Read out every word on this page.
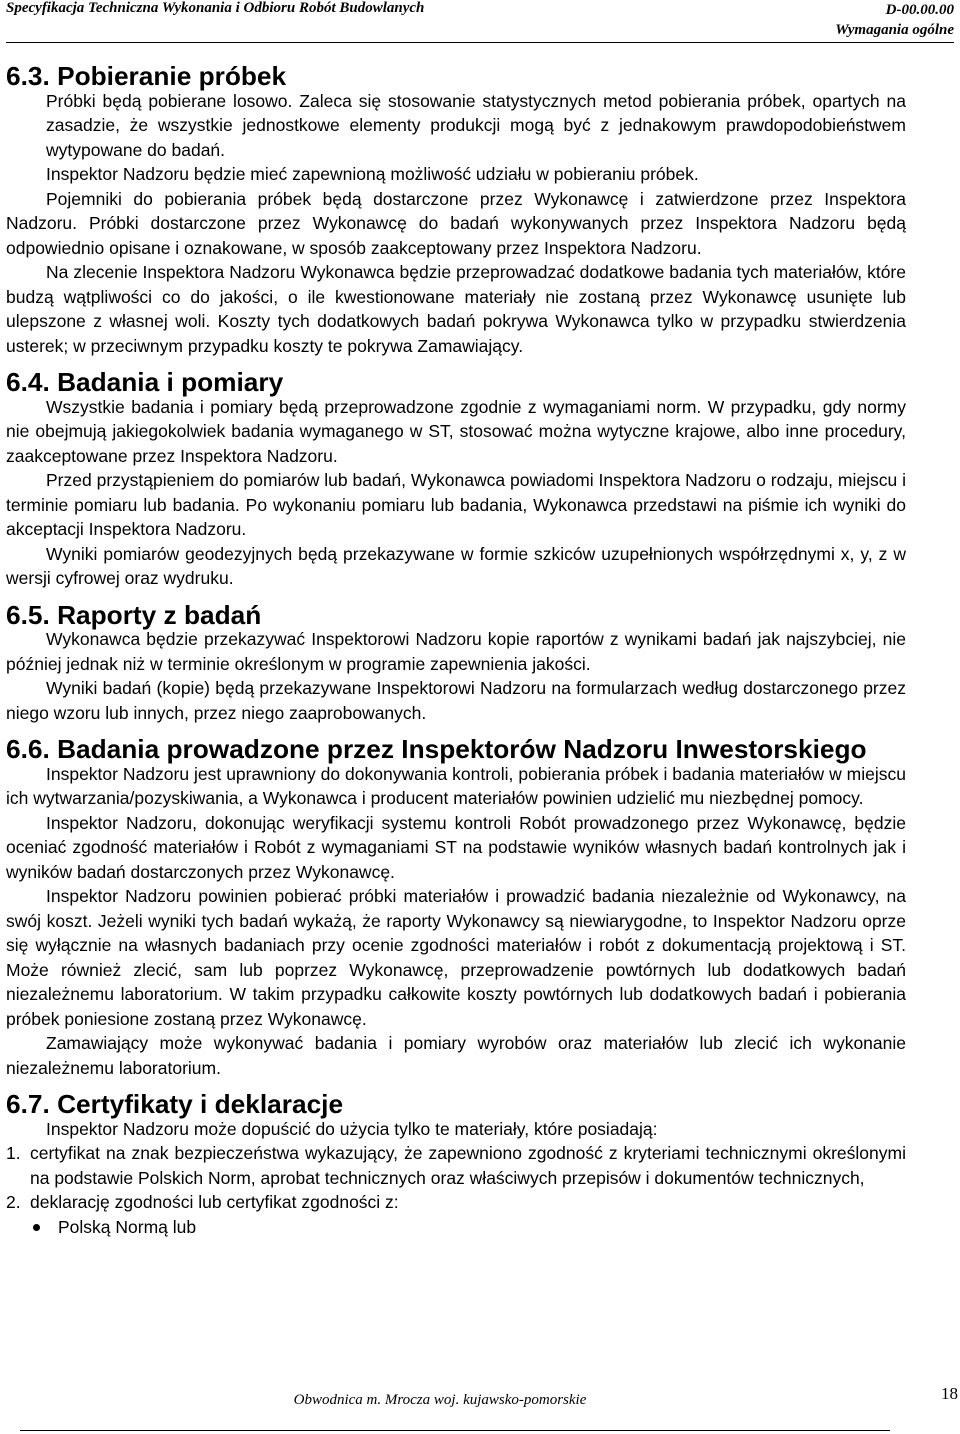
Specyfikacja Techniczna Wykonania i Odbioru Robót Budowlanych	D-00.00.00
Wymagania ogólne
6.3. Pobieranie próbek

Próbki będą pobierane losowo. Zaleca się stosowanie statystycznych metod pobierania próbek, opartych na zasadzie, że wszystkie jednostkowe elementy produkcji mogą być z jednakowym prawdopodobieństwem wytypowane do badań.

Inspektor Nadzoru będzie mieć zapewnioną możliwość udziału w pobieraniu próbek.

Pojemniki do pobierania próbek będą dostarczone przez Wykonawcę i zatwierdzone przez Inspektora Nadzoru. Próbki dostarczone przez Wykonawcę do badań wykonywanych przez Inspektora Nadzoru będą odpowiednio opisane i oznakowane, w sposób zaakceptowany przez Inspektora Nadzoru.

Na zlecenie Inspektora Nadzoru Wykonawca będzie przeprowadzać dodatkowe badania tych materiałów, które budzą wątpliwości co do jakości, o ile kwestionowane materiały nie zostaną przez Wykonawcę usunięte lub ulepszone z własnej woli. Koszty tych dodatkowych badań pokrywa Wykonawca tylko w przypadku stwierdzenia usterek; w przeciwnym przypadku koszty te pokrywa Zamawiający.

6.4. Badania i pomiary

Wszystkie badania i pomiary będą przeprowadzone zgodnie z wymaganiami norm. W przypadku, gdy normy nie obejmują jakiegokolwiek badania wymaganego w ST, stosować można wytyczne krajowe, albo inne procedury, zaakceptowane przez Inspektora Nadzoru.

Przed przystąpieniem do pomiarów lub badań, Wykonawca powiadomi Inspektora Nadzoru o rodzaju, miejscu i terminie pomiaru lub badania. Po wykonaniu pomiaru lub badania, Wykonawca przedstawi na piśmie ich wyniki do akceptacji Inspektora Nadzoru.

Wyniki pomiarów geodezyjnych będą przekazywane w formie szkiców uzupełnionych współrzędnymi x, y, z w wersji cyfrowej oraz wydruku.

6.5. Raporty z badań

Wykonawca będzie przekazywać Inspektorowi Nadzoru kopie raportów z wynikami badań jak najszybciej, nie później jednak niż w terminie określonym w programie zapewnienia jakości.

Wyniki badań (kopie) będą przekazywane Inspektorowi Nadzoru na formularzach według dostarczonego przez niego wzoru lub innych, przez niego zaaprobowanych.

6.6. Badania prowadzone przez Inspektorów Nadzoru Inwestorskiego

Inspektor Nadzoru jest uprawniony do dokonywania kontroli, pobierania próbek i badania materiałów w miejscu ich wytwarzania/pozyskiwania, a Wykonawca i producent materiałów powinien udzielić mu niezbędnej pomocy.

Inspektor Nadzoru, dokonując weryfikacji systemu kontroli Robót prowadzonego przez Wykonawcę, będzie oceniać zgodność materiałów i Robót z wymaganiami ST na podstawie wyników własnych badań kontrolnych jak i wyników badań dostarczonych przez Wykonawcę.

Inspektor Nadzoru powinien pobierać próbki materiałów i prowadzić badania niezależnie od Wykonawcy, na swój koszt. Jeżeli wyniki tych badań wykażą, że raporty Wykonawcy są niewiarygodne, to Inspektor Nadzoru oprze się wyłącznie na własnych badaniach przy ocenie zgodności materiałów i robót z dokumentacją projektową i ST. Może również zlecić, sam lub poprzez Wykonawcę, przeprowadzenie powtórnych lub dodatkowych badań niezależnemu laboratorium. W takim przypadku całkowite koszty powtórnych lub dodatkowych badań i pobierania próbek poniesione zostaną przez Wykonawcę.

Zamawiający może wykonywać badania i pomiary wyrobów oraz materiałów lub zlecić ich wykonanie niezależnemu laboratorium.

6.7. Certyfikaty i deklaracje

Inspektor Nadzoru może dopuścić do użycia tylko te materiały, które posiadają:

1. certyfikat na znak bezpieczeństwa wykazujący, że zapewniono zgodność z kryteriami technicznymi określonymi na podstawie Polskich Norm, aprobat technicznych oraz właściwych przepisów i dokumentów technicznych,
2. deklarację zgodności lub certyfikat zgodności z:
Polską Normą lub
Obwodnica m. Mrocza woj. kujawsko-pomorskie	18
